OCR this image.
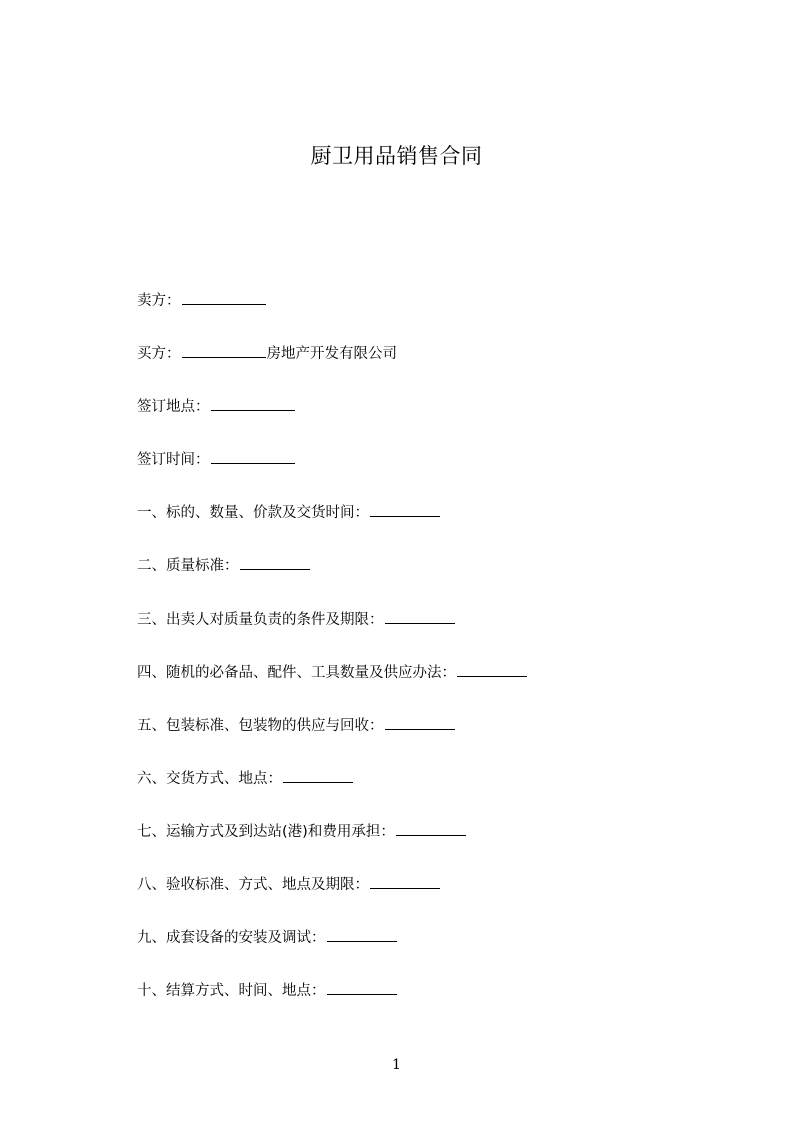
厨卫用品销售合同
卖方：
买方：	房地产开发有限公司
签订地点：
签订时间：
一、标的、数量、价款及交货时间：
二、质量标准：
三、出卖人对质量负责的条件及期限：
四、随机的必备品、配件、工具数量及供应办法：
五、包装标准、包装物的供应与回收：
六、交货方式、地点：
七、运输方式及到达站(港)和费用承担：
八、验收标准、方式、地点及期限：
九、成套设备的安装及调试：
十、结算方式、时间、地点：
1
